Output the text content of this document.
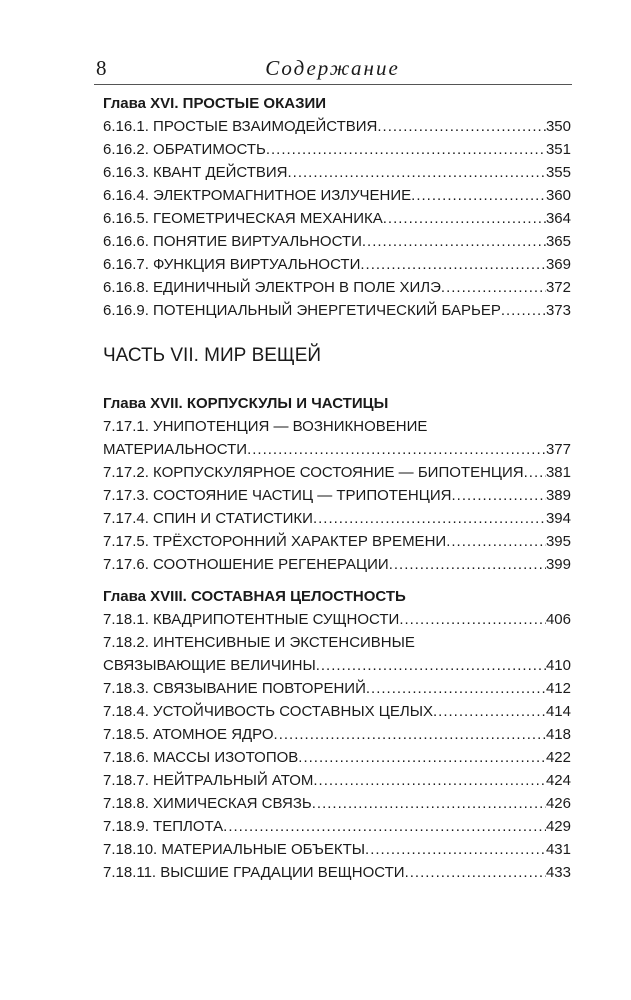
8	Содержание
Глава XVI. ПРОСТЫЕ ОКАЗИИ
6.16.1. ПРОСТЫЕ ВЗАИМОДЕЙСТВИЯ .....	350
6.16.2. ОБРАТИМОСТЬ .....	351
6.16.3. КВАНТ ДЕЙСТВИЯ .....	355
6.16.4. ЭЛЕКТРОМАГНИТНОЕ ИЗЛУЧЕНИЕ .....	360
6.16.5. ГЕОМЕТРИЧЕСКАЯ МЕХАНИКА .....	364
6.16.6. ПОНЯТИЕ ВИРТУАЛЬНОСТИ .....	365
6.16.7. ФУНКЦИЯ ВИРТУАЛЬНОСТИ .....	369
6.16.8. ЕДИНИЧНЫЙ ЭЛЕКТРОН В ПОЛЕ ХИЛЭ .....	372
6.16.9. ПОТЕНЦИАЛЬНЫЙ ЭНЕРГЕТИЧЕСКИЙ БАРЬЕР .....	373
ЧАСТЬ VII. МИР ВЕЩЕЙ
Глава XVII. КОРПУСКУЛЫ И ЧАСТИЦЫ
7.17.1. УНИПОТЕНЦИЯ — ВОЗНИКНОВЕНИЕ
МАТЕРИАЛЬНОСТИ .....	377
7.17.2. КОРПУСКУЛЯРНОЕ СОСТОЯНИЕ — БИПОТЕНЦИЯ ..... 381
7.17.3. СОСТОЯНИЕ ЧАСТИЦ — ТРИПОТЕНЦИЯ .....	389
7.17.4. СПИН И СТАТИСТИКИ .....	394
7.17.5. ТРЁХСТОРОННИЙ ХАРАКТЕР ВРЕМЕНИ .....	395
7.17.6. СООТНОШЕНИЕ РЕГЕНЕРАЦИИ .....	399
Глава XVIII. СОСТАВНАЯ ЦЕЛОСТНОСТЬ
7.18.1. КВАДРИПОТЕНТНЫЕ СУЩНОСТИ .....	406
7.18.2. ИНТЕНСИВНЫЕ И ЭКСТЕНСИВНЫЕ
СВЯЗЫВАЮЩИЕ ВЕЛИЧИНЫ .....	410
7.18.3. СВЯЗЫВАНИЕ ПОВТОРЕНИЙ .....	412
7.18.4. УСТОЙЧИВОСТЬ СОСТАВНЫХ ЦЕЛЫХ .....	414
7.18.5. АТОМНОЕ ЯДРО .....	418
7.18.6. МАССЫ ИЗОТОПОВ .....	422
7.18.7. НЕЙТРАЛЬНЫЙ АТОМ .....	424
7.18.8. ХИМИЧЕСКАЯ СВЯЗЬ .....	426
7.18.9. ТЕПЛОТА .....	429
7.18.10. МАТЕРИАЛЬНЫЕ ОБЪЕКТЫ .....	431
7.18.11. ВЫСШИЕ ГРАДАЦИИ ВЕЩНОСТИ .....	433
